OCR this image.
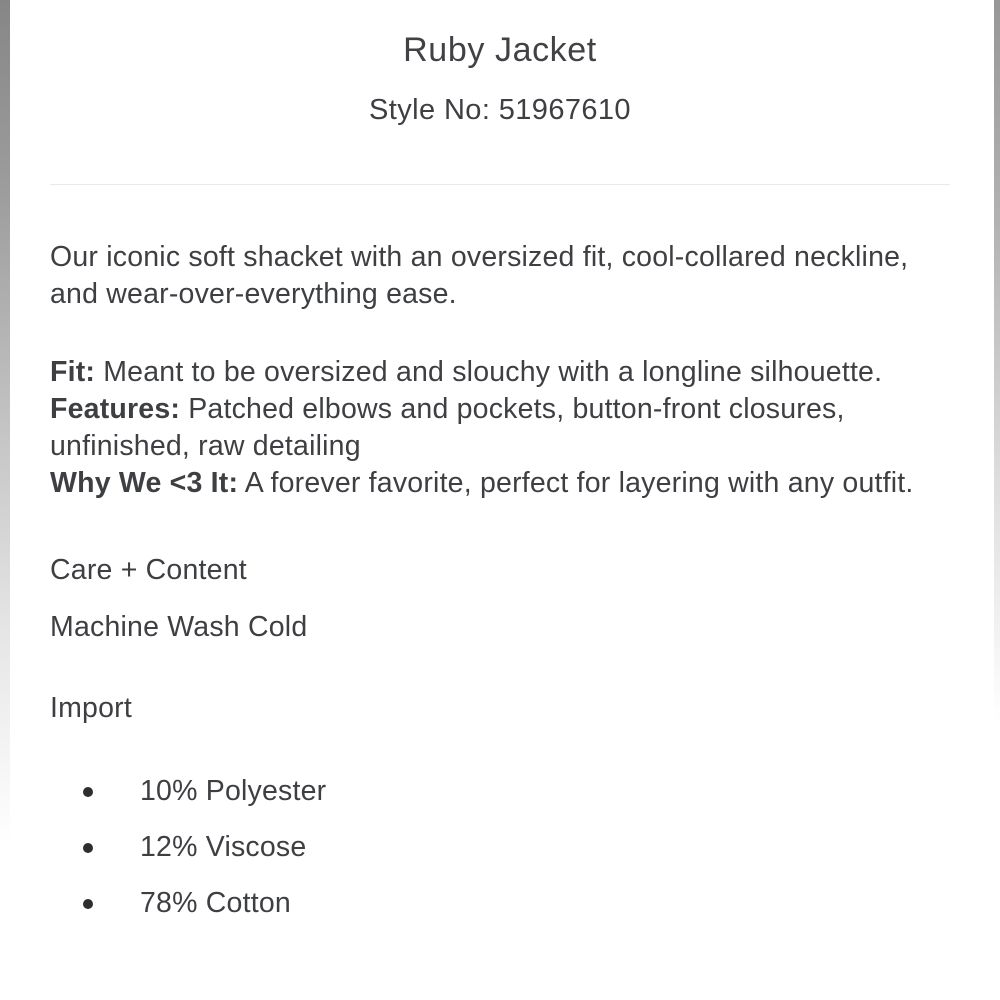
Ruby Jacket
Style No: 51967610

Our iconic soft shacket with an oversized fit, cool-collared neckline, and wear-over-everything ease.

Fit: Meant to be oversized and slouchy with a longline silhouette.
Features: Patched elbows and pockets, button-front closures, unfinished, raw detailing
Why We <3 It: A forever favorite, perfect for layering with any outfit.

Care + Content

Machine Wash Cold

Import

10% Polyester
12% Viscose
78% Cotton
